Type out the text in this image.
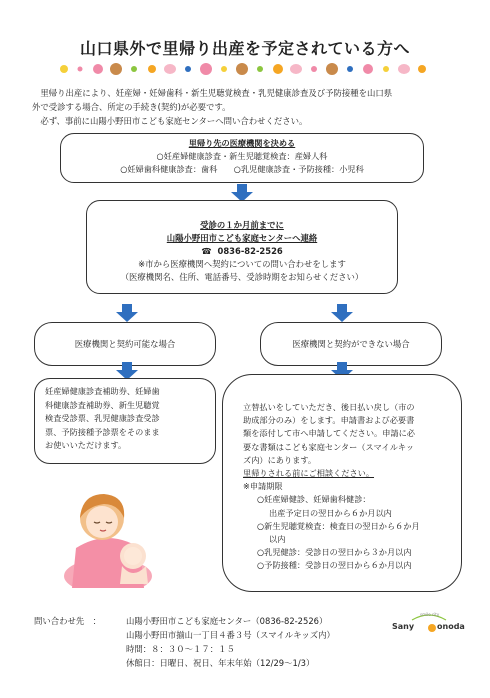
山口県外で里帰り出産を予定されている方へ

里帰り出産により、妊産婦・妊婦歯科・新生児聴覚検査・乳児健康診査及び予防接種を山口県

外で受診する場合、所定の手続き(契約)が必要です。

必ず、事前に山陽小野田市こども家庭センターへ問い合わせください。

里帰り先の医療機関を決める
○妊産婦健康診査・新生児聴覚検査：産婦人科
○妊婦歯科健康診査：歯科　　○乳児健康診査・予防接種：小児科
受診の１か月前までに
山陽小野田市こども家庭センターへ連絡
☎ 0836-82-2526
※市から医療機関へ契約についての問い合わせをします
（医療機関名、住所、電話番号、受診時期をお知らせください）
医療機関と契約可能な場合	医療機関と契約ができない場合
妊産婦健康診査補助券、妊婦歯
科健康診査補助券、新生児聴覚
検査受診票、乳児健康診査受診
票、予防接種予診票をそのまま
お使いいただけます。
立替払いをしていただき、後日払い戻し（市の
助成部分のみ）をします。申請書および必要書
類を添付して市へ申請してください。申請に必
要な書類はこども家庭センター（スマイルキッ
ズ内）にあります。
里帰りされる前にご相談ください。
※申請期限
○妊産婦健診、妊婦歯科健診：
出産予定日の翌日から６か月以内
○新生児聴覚検査：検査日の翌日から６か月
以内
○乳児健診：受診日の翌日から３か月以内
○予防接種：受診日の翌日から６か月以内
問い合わせ先　：	山陽小野田市こども家庭センター（0836-82-2526）
山陽小野田市揃山一丁目４番３号（スマイルキッズ内）
時間：８：３０～１７：１５
休館日：日曜日、祝日、年末年始（12/29～1/3）
smile city
Sany	onoda
